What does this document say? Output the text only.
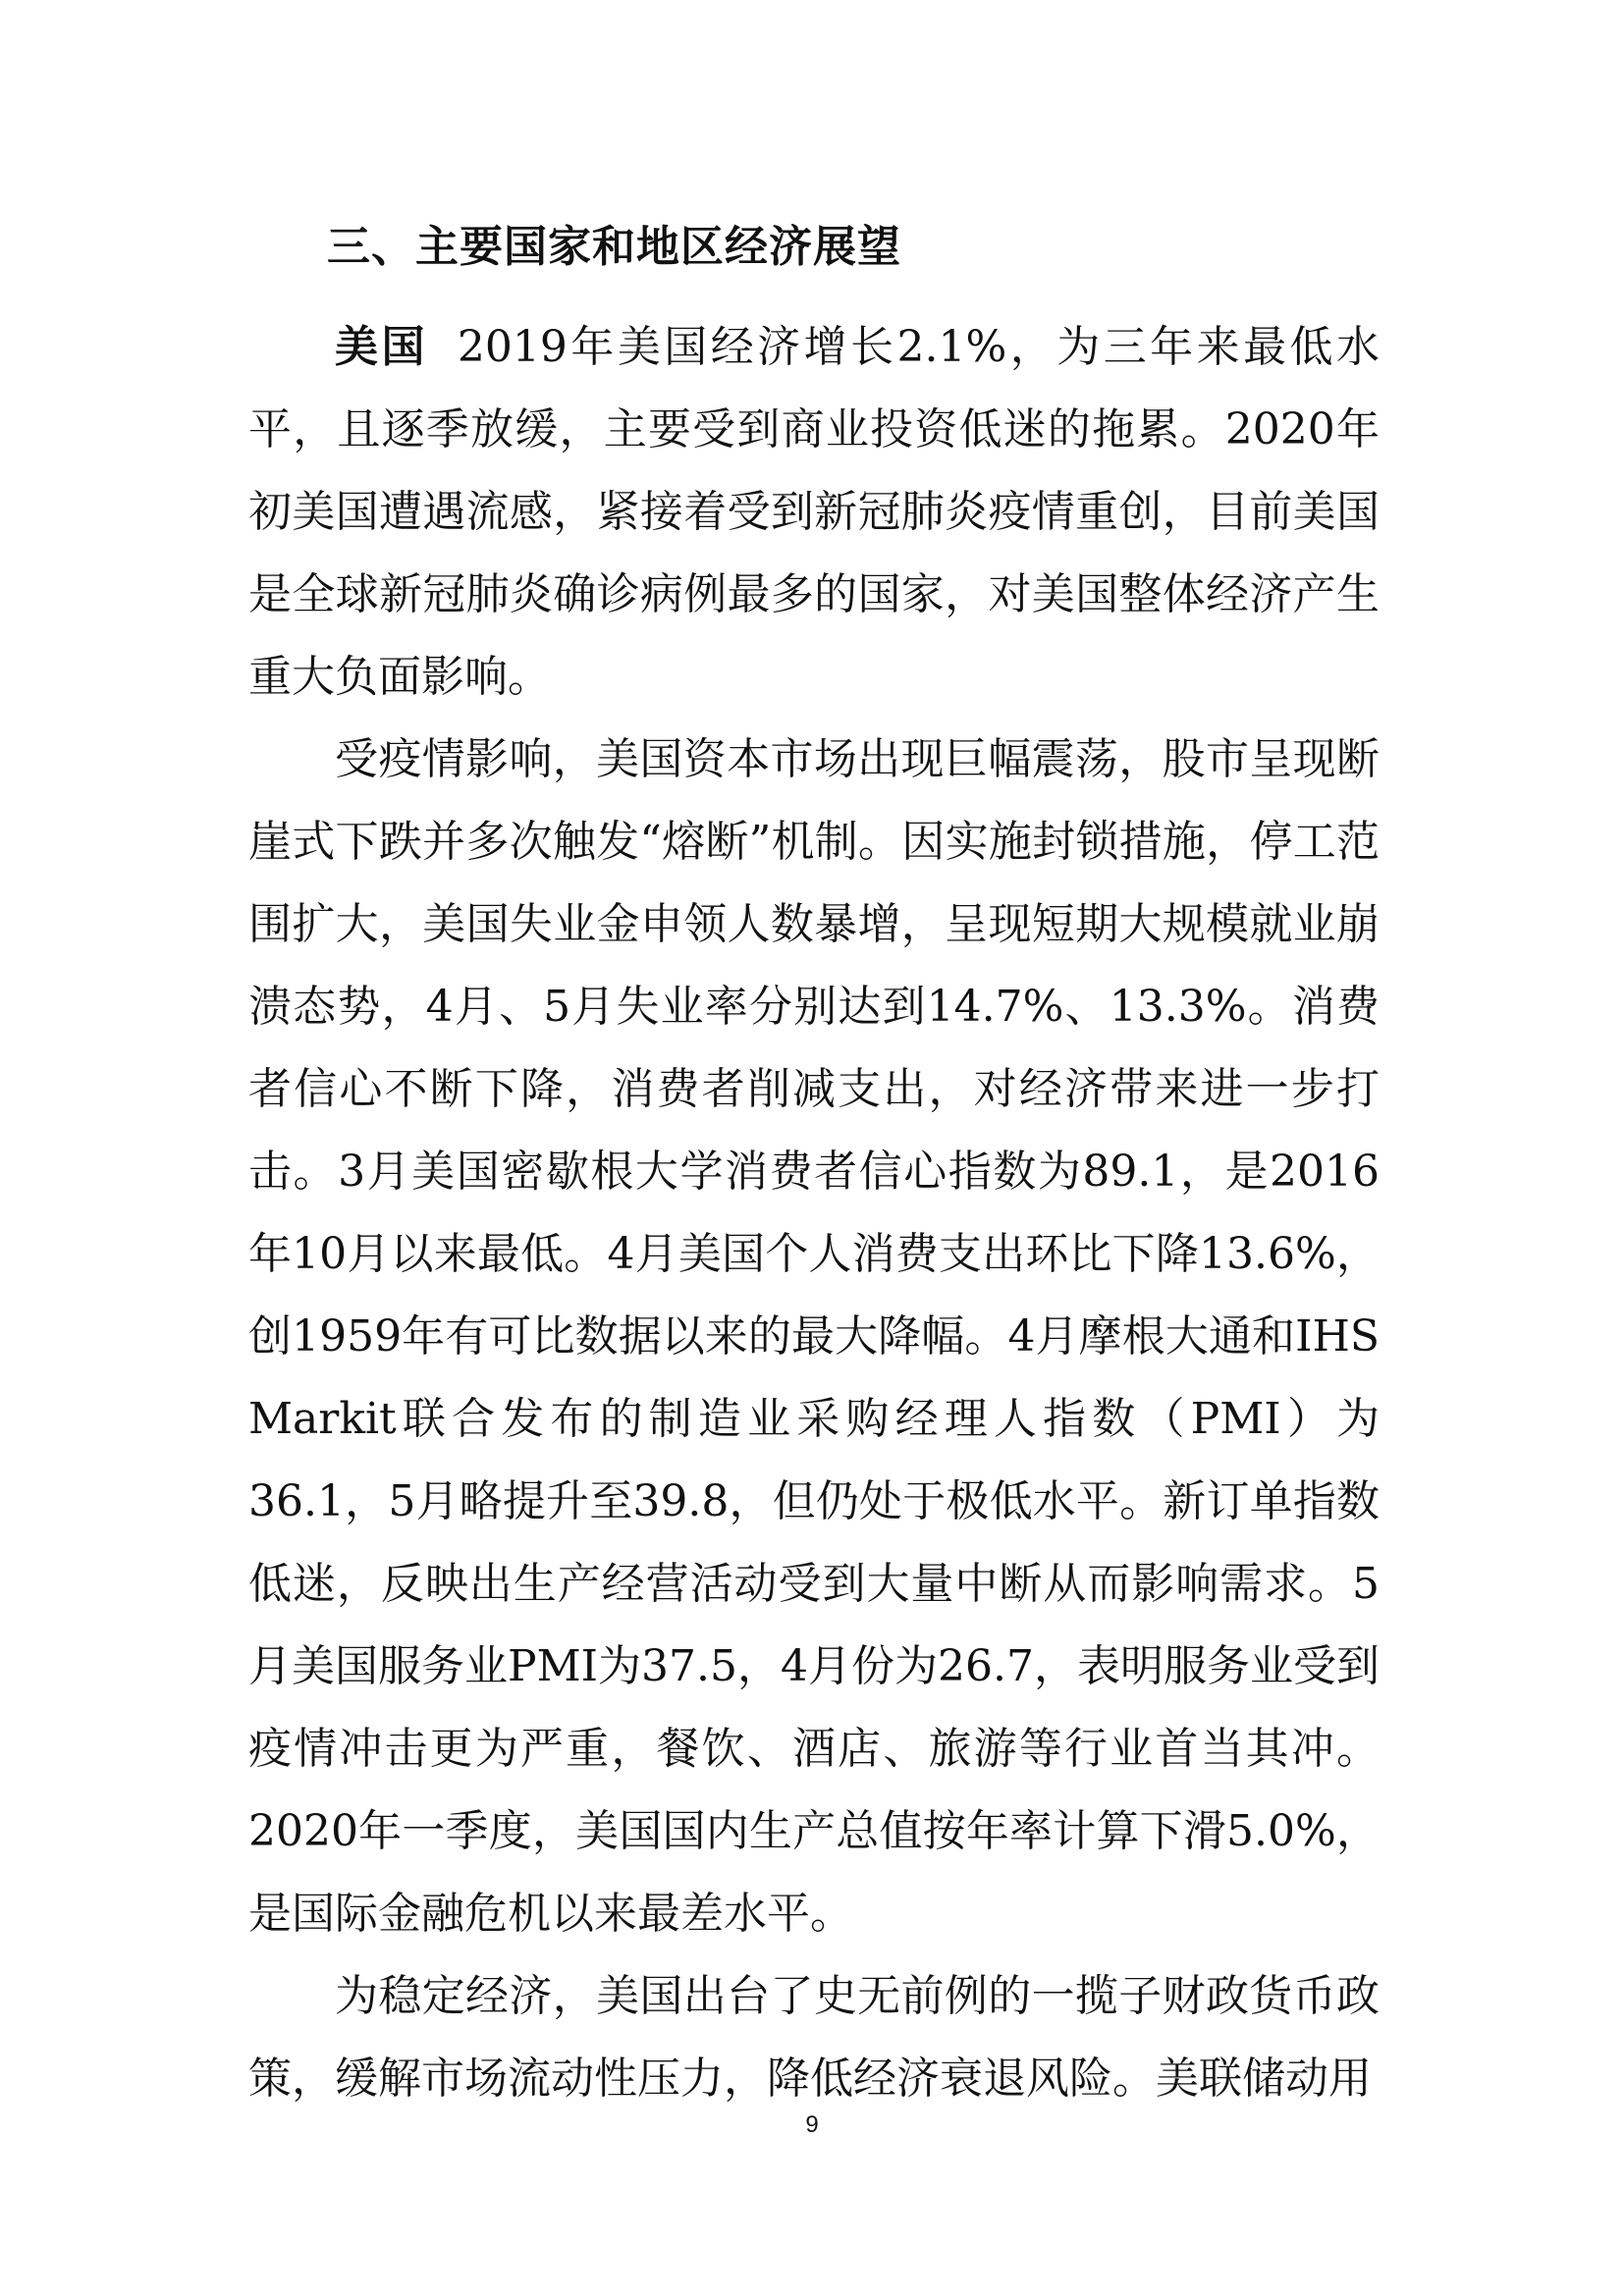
三、主要国家和地区经济展望

美国 2019年美国经济增长2.1%，为三年来最低水平，且逐季放缓，主要受到商业投资低迷的拖累。2020年初美国遭遇流感，紧接着受到新冠肺炎疫情重创，目前美国是全球新冠肺炎确诊病例最多的国家，对美国整体经济产生重大负面影响。

受疫情影响，美国资本市场出现巨幅震荡，股市呈现断崖式下跌并多次触发“熔断”机制。因实施封锁措施，停工范围扩大，美国失业金申领人数暴增，呈现短期大规模就业崩溃态势，4月、5月失业率分别达到14.7%、13.3%。消费者信心不断下降，消费者削减支出，对经济带来进一步打击。3月美国密歇根大学消费者信心指数为89.1，是2016年10月以来最低。4月美国个人消费支出环比下降13.6%，创1959年有可比数据以来的最大降幅。4月摩根大通和IHS Markit联合发布的制造业采购经理人指数（PMI）为36.1，5月略提升至39.8，但仍处于极低水平。新订单指数低迷，反映出生产经营活动受到大量中断从而影响需求。5月美国服务业PMI为37.5，4月份为26.7，表明服务业受到疫情冲击更为严重，餐饮、酒店、旅游等行业首当其冲。2020年一季度，美国国内生产总值按年率计算下滑5.0%，是国际金融危机以来最差水平。

为稳定经济，美国出台了史无前例的一揽子财政货币政策，缓解市场流动性压力，降低经济衰退风险。美联储动用

9
